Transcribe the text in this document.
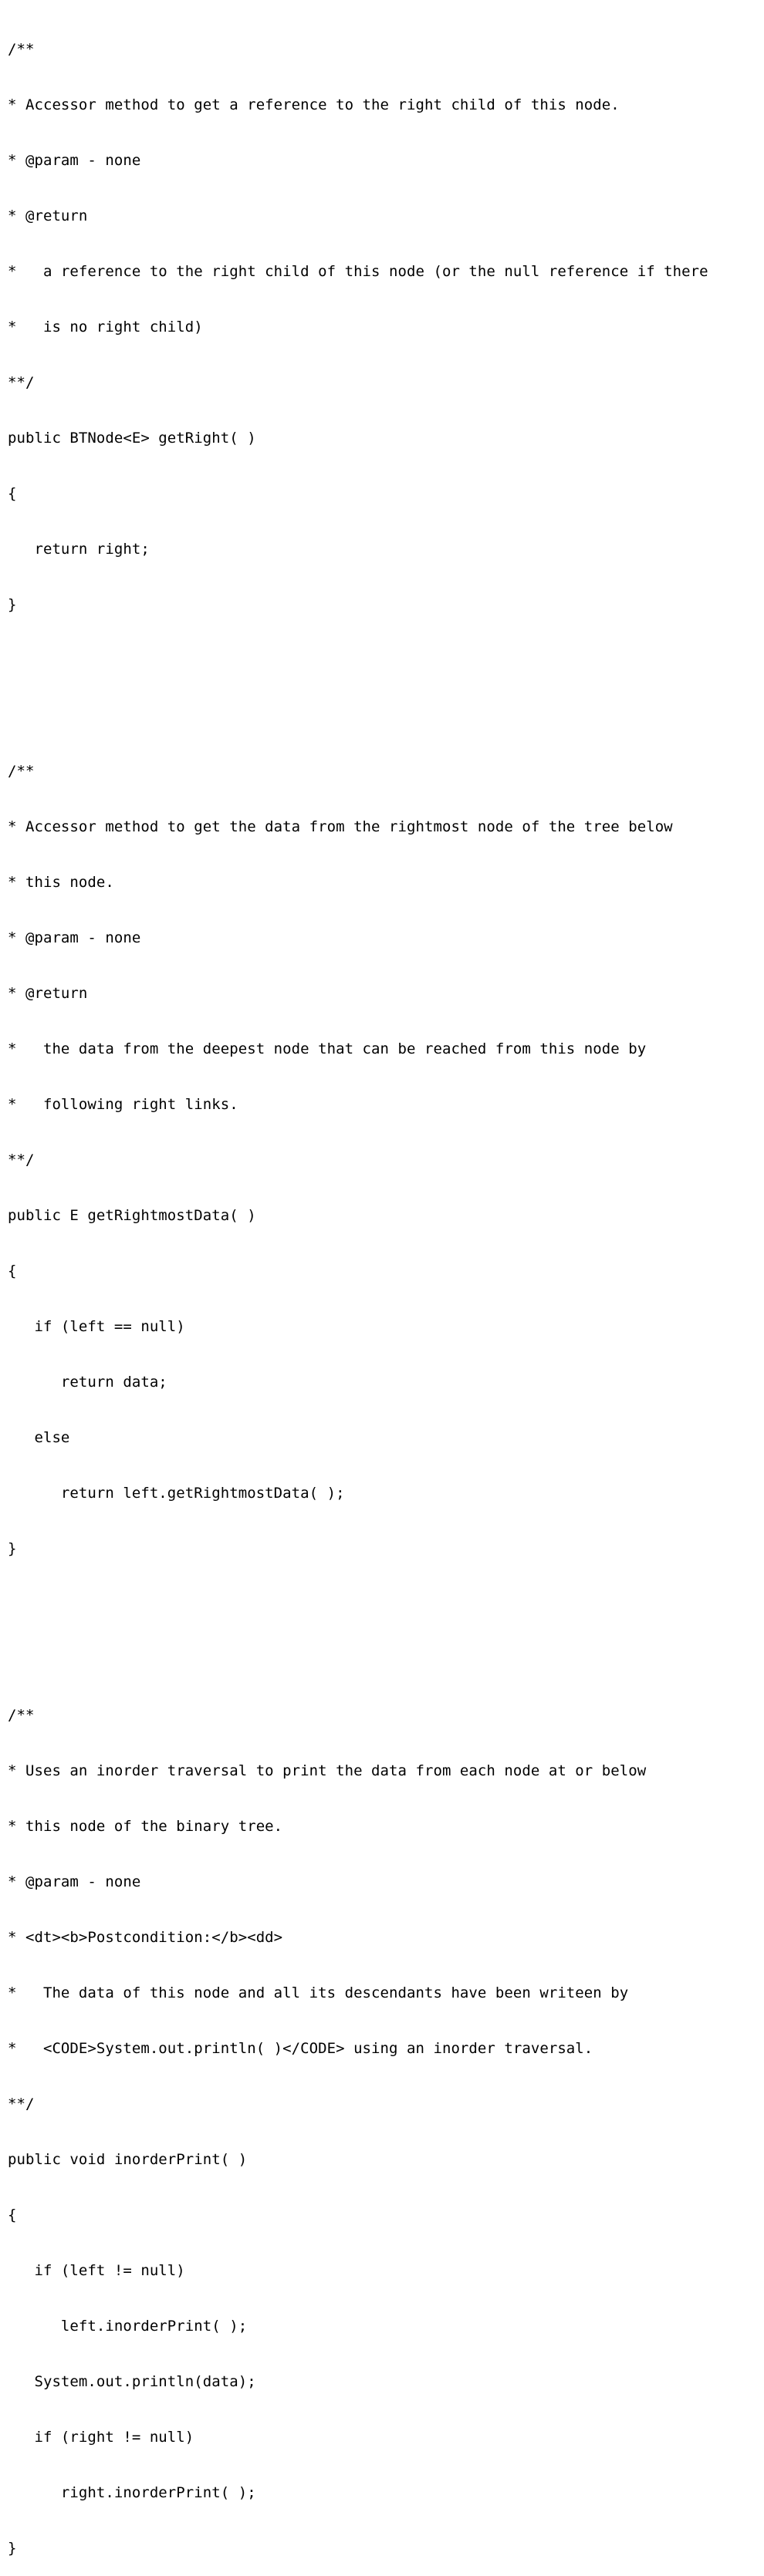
/**

* Accessor method to get a reference to the right child of this node.

* @param - none

* @return

*   a reference to the right child of this node (or the null reference if there

*   is no right child)

**/

public BTNode<E> getRight( )

{

return right;

}

/**

* Accessor method to get the data from the rightmost node of the tree below

* this node.

* @param - none

* @return

*   the data from the deepest node that can be reached from this node by

*   following right links.

**/

public E getRightmostData( )

{

if (left == null)

return data;

else

return left.getRightmostData( );

}

/**

* Uses an inorder traversal to print the data from each node at or below

* this node of the binary tree.

* @param - none

* <dt><b>Postcondition:</b><dd>

*   The data of this node and all its descendants have been writeen by

*   <CODE>System.out.println( )</CODE> using an inorder traversal.

**/

public void inorderPrint( )

{

if (left != null)

left.inorderPrint( );

System.out.println(data);

if (right != null)

right.inorderPrint( );

}
